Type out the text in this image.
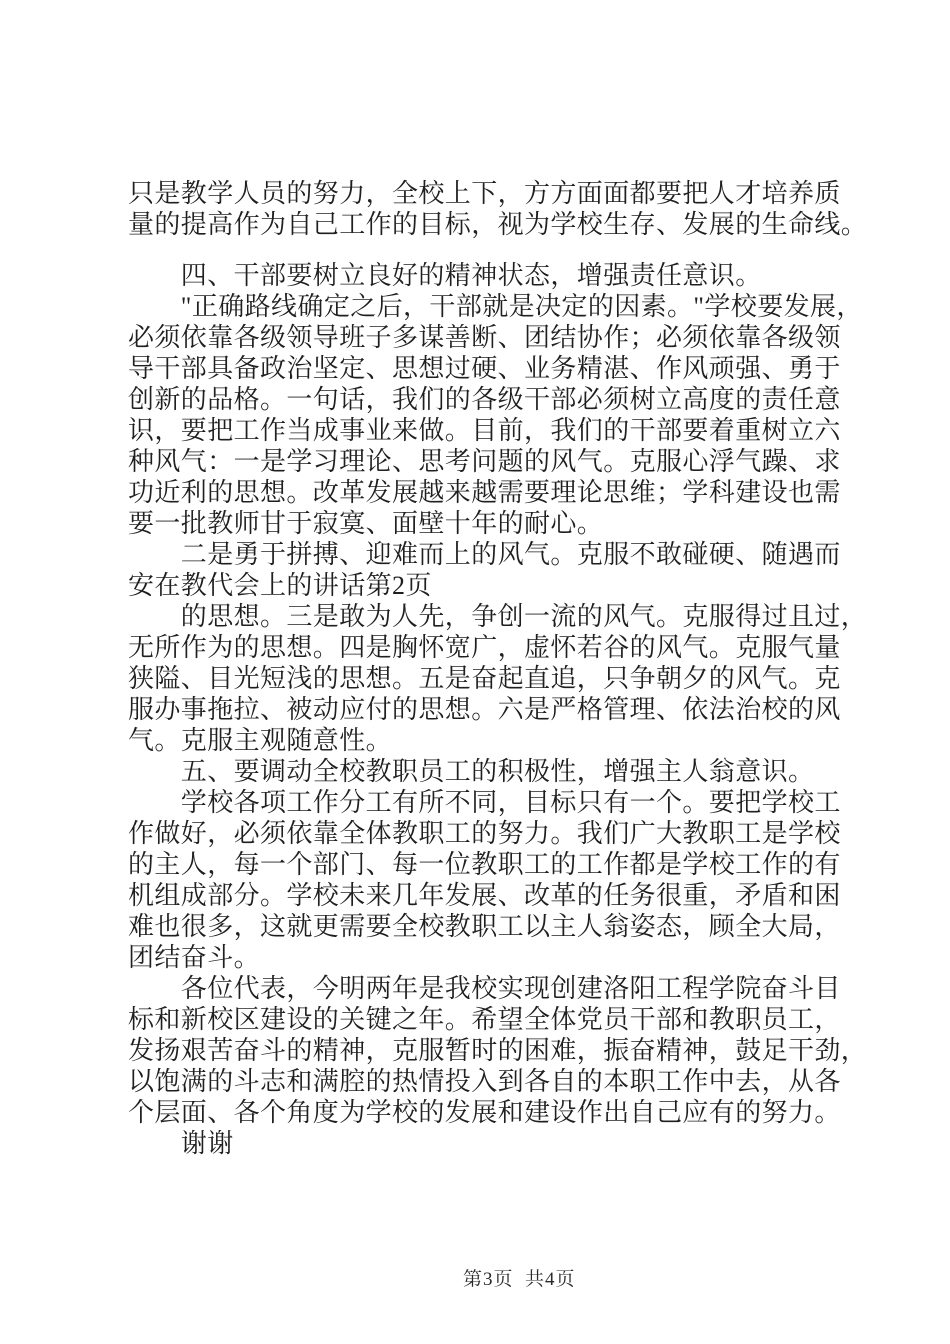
只是教学人员的努力，全校上下，方方面面都要把人才培养质
量的提高作为自己工作的目标，视为学校生存、发展的生命线。
　　四、干部要树立良好的精神状态，增强责任意识。
　　"正确路线确定之后，干部就是决定的因素。"学校要发展，
必须依靠各级领导班子多谋善断、团结协作；必须依靠各级领
导干部具备政治坚定、思想过硬、业务精湛、作风顽强、勇于
创新的品格。一句话，我们的各级干部必须树立高度的责任意
识，要把工作当成事业来做。目前，我们的干部要着重树立六
种风气：一是学习理论、思考问题的风气。克服心浮气躁、求
功近利的思想。改革发展越来越需要理论思维；学科建设也需
要一批教师甘于寂寞、面壁十年的耐心。
　　二是勇于拼搏、迎难而上的风气。克服不敢碰硬、随遇而
安在教代会上的讲话第2页
　　的思想。三是敢为人先，争创一流的风气。克服得过且过，
无所作为的思想。四是胸怀宽广，虚怀若谷的风气。克服气量
狭隘、目光短浅的思想。五是奋起直追，只争朝夕的风气。克
服办事拖拉、被动应付的思想。六是严格管理、依法治校的风
气。克服主观随意性。
　　五、要调动全校教职员工的积极性，增强主人翁意识。
　　学校各项工作分工有所不同，目标只有一个。要把学校工
作做好，必须依靠全体教职工的努力。我们广大教职工是学校
的主人，每一个部门、每一位教职工的工作都是学校工作的有
机组成部分。学校未来几年发展、改革的任务很重，矛盾和困
难也很多，这就更需要全校教职工以主人翁姿态，顾全大局，
团结奋斗。
　　各位代表，今明两年是我校实现创建洛阳工程学院奋斗目
标和新校区建设的关键之年。希望全体党员干部和教职员工，
发扬艰苦奋斗的精神，克服暂时的困难，振奋精神，鼓足干劲，
以饱满的斗志和满腔的热情投入到各自的本职工作中去，从各
个层面、各个角度为学校的发展和建设作出自己应有的努力。
　　谢谢

第3页  共4页
